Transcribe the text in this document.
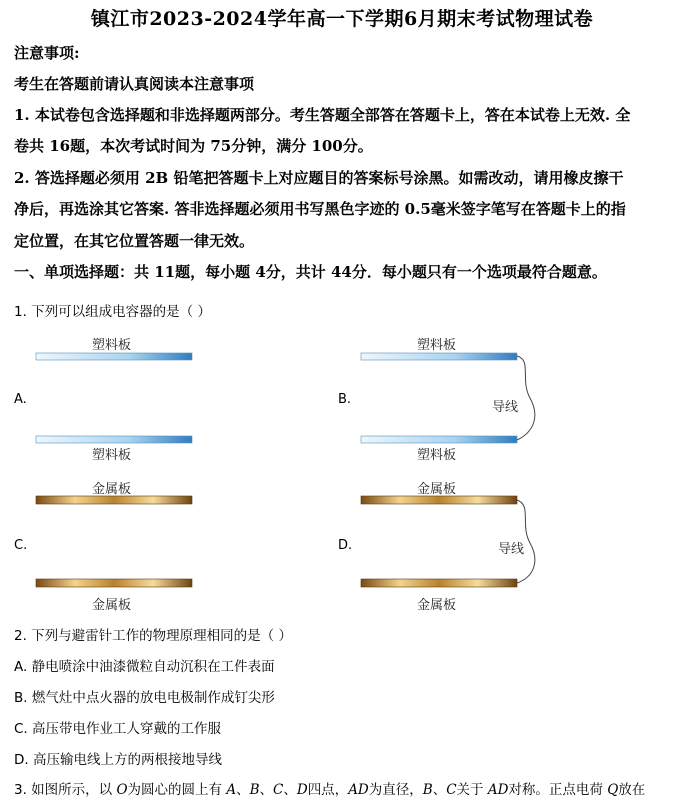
镇江市2023-2024学年高一下学期6月期末考试物理试卷
注意事项:
考生在答题前请认真阅读本注意事项
1. 本试卷包含选择题和非选择题两部分。考生答题全部答在答题卡上，答在本试卷上无效. 全
卷共 16题，本次考试时间为 75分钟，满分 100分。
2. 答选择题必须用 2B 铅笔把答题卡上对应题目的答案标号涂黑。如需改动，请用橡皮擦干
净后，再选涂其它答案. 答非选择题必须用书写黑色字迹的 0.5毫米签字笔写在答题卡上的指
定位置，在其它位置答题一律无效。
一、单项选择题：共 11题，每小题 4分，共计 44分．每小题只有一个选项最符合题意。
1. 下列可以组成电容器的是（ ）
塑料板
塑料板
塑料板
塑料板
导线
金属板
金属板
金属板
金属板
导线
A.	B.
C.	D.
2. 下列与避雷针工作的物理原理相同的是（ ）
A. 静电喷涂中油漆微粒自动沉积在工件表面
B. 燃气灶中点火器的放电电极制作成钉尖形
C. 高压带电作业工人穿戴的工作服
D. 高压输电线上方的两根接地导线
3. 如图所示，以 O为圆心的圆上有 A、B、C、D四点，AD为直径，B、C关于 AD对称。正点电荷 Q放在
